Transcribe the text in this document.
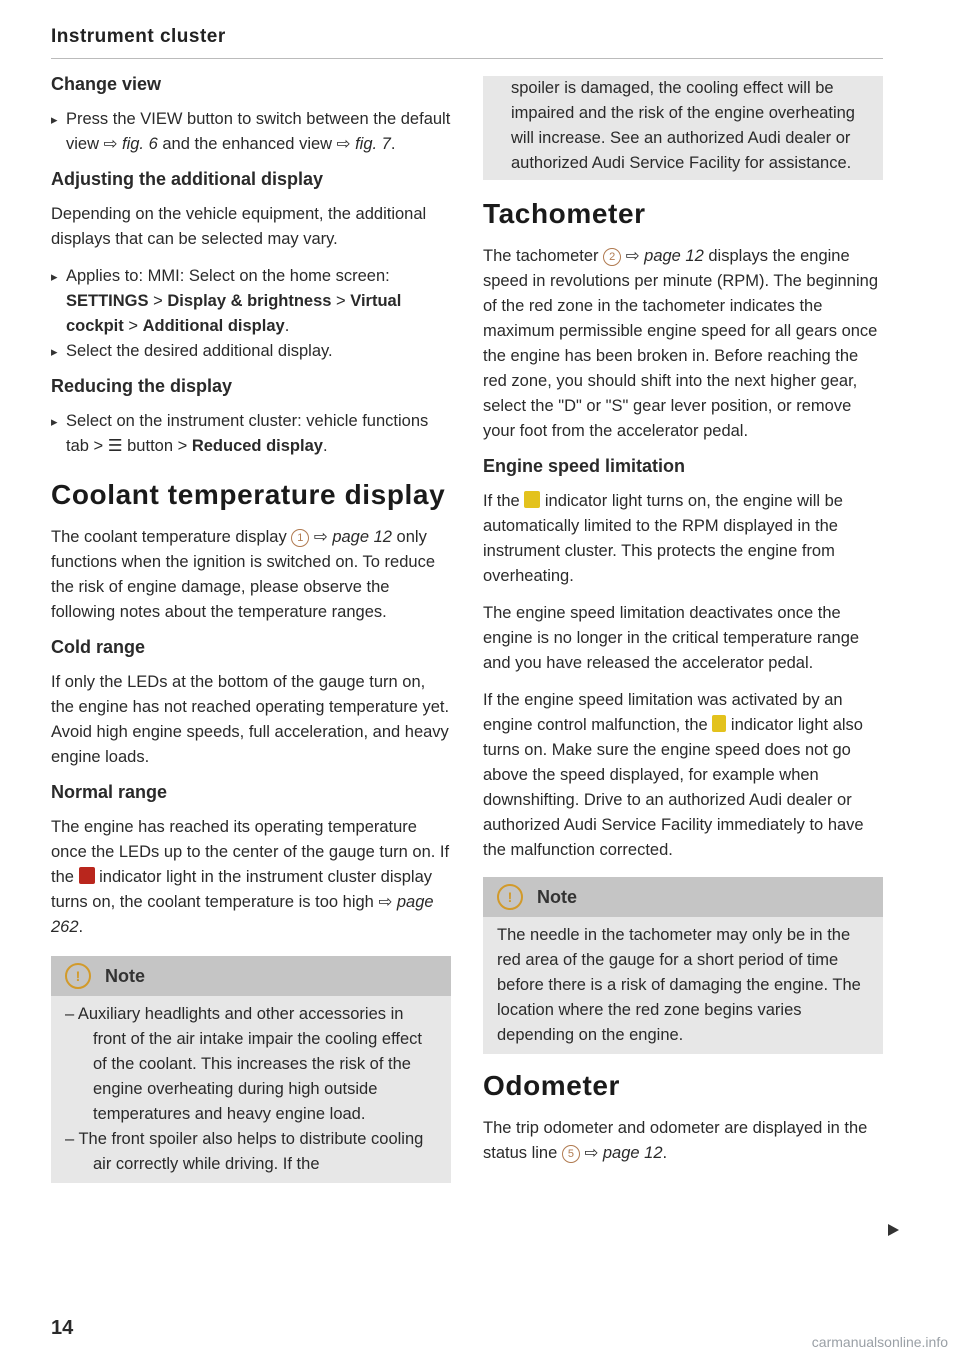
Instrument cluster
Change view

▸ Press the VIEW button to switch between the default view ⇨ fig. 6 and the enhanced view ⇨ fig. 7.

Adjusting the additional display

Depending on the vehicle equipment, the additional displays that can be selected may vary.

▸ Applies to: MMI: Select on the home screen: SETTINGS > Display & brightness > Virtual cockpit > Additional display.

▸ Select the desired additional display.

Reducing the display

▸ Select on the instrument cluster: vehicle functions tab > ☰ button > Reduced display.

Coolant temperature display

The coolant temperature display 1 ⇨ page 12 only functions when the ignition is switched on. To reduce the risk of engine damage, please observe the following notes about the temperature ranges.

Cold range

If only the LEDs at the bottom of the gauge turn on, the engine has not reached operating temperature yet. Avoid high engine speeds, full acceleration, and heavy engine loads.

Normal range

The engine has reached its operating temperature once the LEDs up to the center of the gauge turn on. If the  indicator light in the instrument cluster display turns on, the coolant temperature is too high ⇨ page 262.

!	Note

– Auxiliary headlights and other accessories in front of the air intake impair the cooling effect of the coolant. This increases the risk of the engine overheating during high outside temperatures and heavy engine load.

– The front spoiler also helps to distribute cooling air correctly while driving. If the

spoiler is damaged, the cooling effect will be impaired and the risk of the engine overheating will increase. See an authorized Audi dealer or authorized Audi Service Facility for assistance.

Tachometer

The tachometer 2 ⇨ page 12 displays the engine speed in revolutions per minute (RPM). The beginning of the red zone in the tachometer indicates the maximum permissible engine speed for all gears once the engine has been broken in. Before reaching the red zone, you should shift into the next higher gear, select the "D" or "S" gear lever position, or remove your foot from the accelerator pedal.

Engine speed limitation

If the  indicator light turns on, the engine will be automatically limited to the RPM displayed in the instrument cluster. This protects the engine from overheating.

The engine speed limitation deactivates once the engine is no longer in the critical temperature range and you have released the accelerator pedal.

If the engine speed limitation was activated by an engine control malfunction, the  indicator light also turns on. Make sure the engine speed does not go above the speed displayed, for example when downshifting. Drive to an authorized Audi dealer or authorized Audi Service Facility immediately to have the malfunction corrected.

!	Note

The needle in the tachometer may only be in the red area of the gauge for a short period of time before there is a risk of damaging the engine. The location where the red zone begins varies depending on the engine.

Odometer

The trip odometer and odometer are displayed in the status line 5 ⇨ page 12.

14
carmanualsonline.info
